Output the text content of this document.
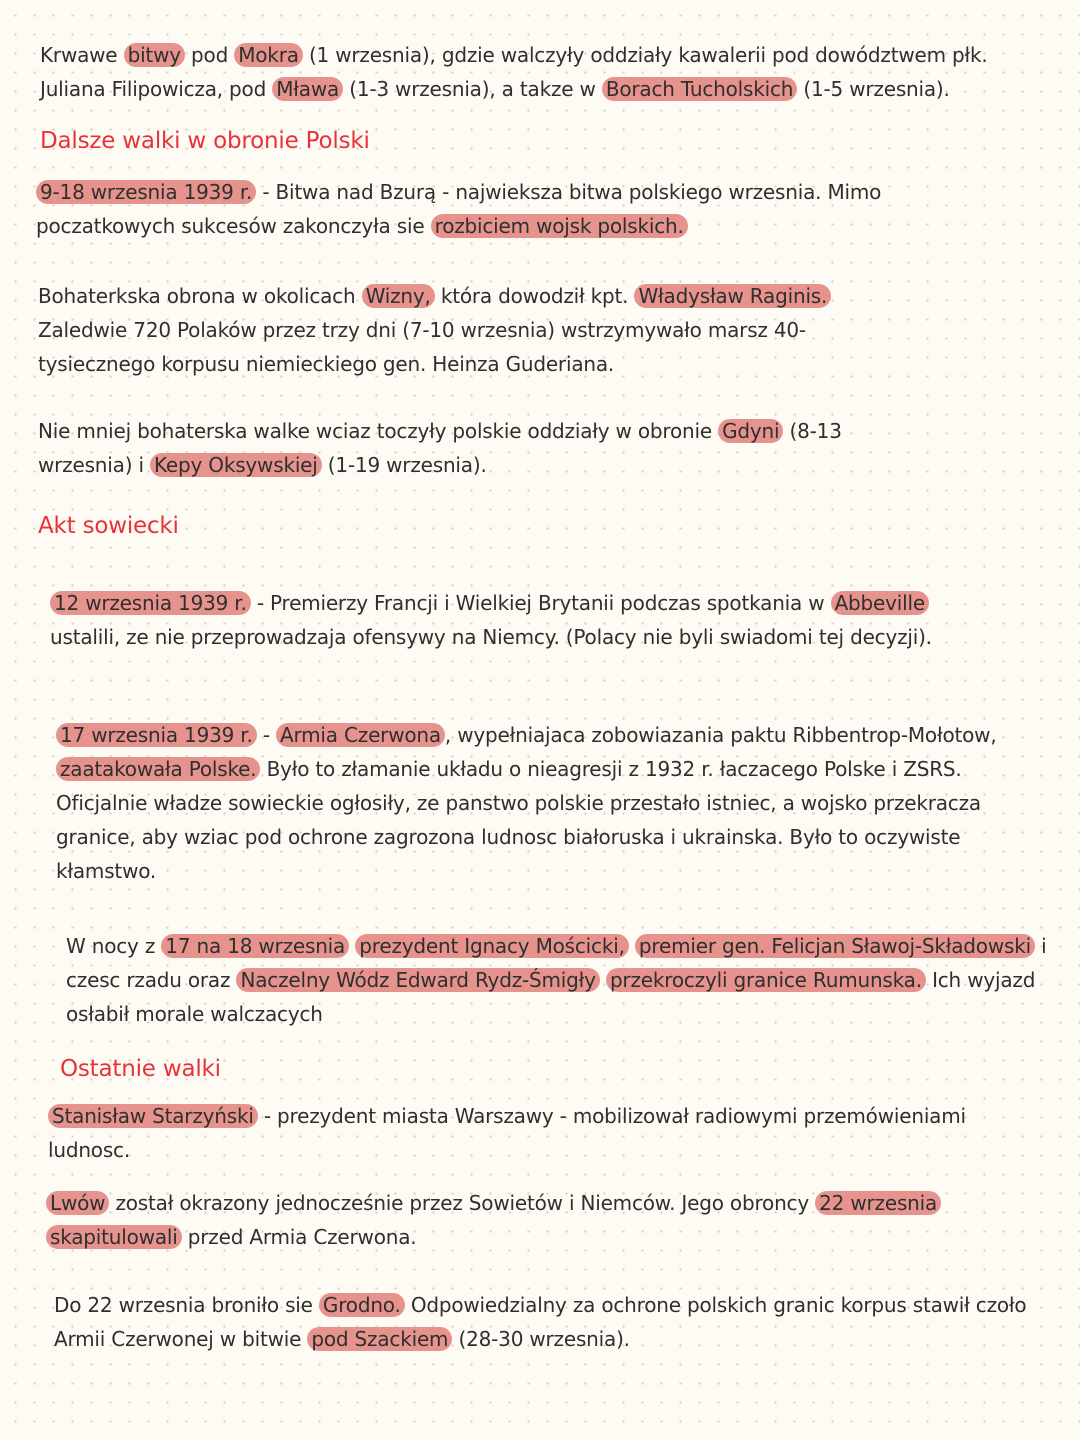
Krwawe bitwy pod Mokra (1 wrzesnia), gdzie walczyły oddziały kawalerii pod dowództwem płk. Juliana Filipowicza, pod Mława (1-3 wrzesnia), a takze w Borach Tucholskich (1-5 wrzesnia).

Dalsze walki w obronie Polski

9-18 wrzesnia 1939 r. - Bitwa nad Bzurą - najwieksza bitwa polskiego wrzesnia. Mimo poczatkowych sukcesów zakonczyła sie rozbiciem wojsk polskich.

Bohaterkska obrona w okolicach Wizny, która dowodził kpt. Władysław Raginis. Zaledwie 720 Polaków przez trzy dni (7-10 wrzesnia) wstrzymywało marsz 40-tysiecznego korpusu niemieckiego gen. Heinza Guderiana.

Nie mniej bohaterska walke wciaz toczyły polskie oddziały w obronie Gdyni (8-13 wrzesnia) i Kepy Oksywskiej (1-19 wrzesnia).

Akt sowiecki

12 wrzesnia 1939 r. - Premierzy Francji i Wielkiej Brytanii podczas spotkania w Abbeville ustalili, ze nie przeprowadzaja ofensywy na Niemcy. (Polacy nie byli swiadomi tej decyzji).

17 wrzesnia 1939 r. - Armia Czerwona , wypełniajaca zobowiazania paktu Ribbentrop-Mołotow, zaatakowała Polske. Było to złamanie układu o nieagresji z 1932 r. łaczacego Polske i ZSRS. Oficjalnie władze sowieckie ogłosiły, ze panstwo polskie przestało istniec, a wojsko przekracza granice, aby wziac pod ochrone zagrozona ludnosc białoruska i ukrainska. Było to oczywiste kłamstwo.

W nocy z 17 na 18 wrzesnia prezydent Ignacy Mościcki, premier gen. Felicjan Sławoj-Składowski i czesc rzadu oraz Naczelny Wódz Edward Rydz-Śmigły przekroczyli granice Rumunska. Ich wyjazd osłabił morale walczacych

Ostatnie walki

Stanisław Starzyński - prezydent miasta Warszawy - mobilizował radiowymi przemówieniami ludnosc.

Lwów został okrazony jednocześnie przez Sowietów i Niemców. Jego obroncy 22 wrzesnia skapitulowali przed Armia Czerwona.

Do 22 wrzesnia broniło sie Grodno. Odpowiedzialny za ochrone polskich granic korpus stawił czoło Armii Czerwonej w bitwie pod Szackiem (28-30 wrzesnia).
